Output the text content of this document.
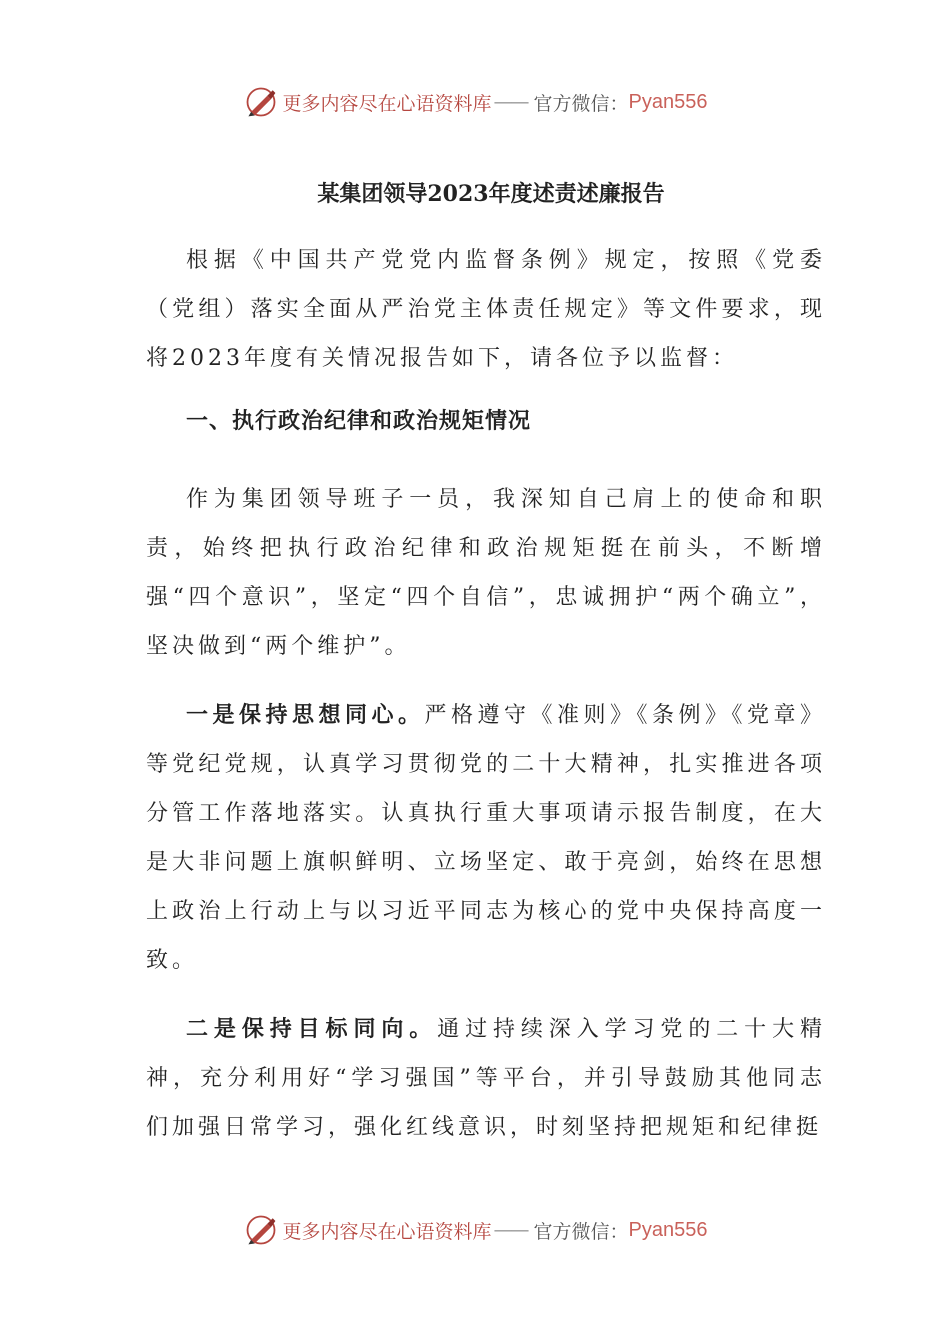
更多内容尽在心语资料库 —— 官方微信： Pyan556
某集团领导2023年度述责述廉报告

根据《中国共产党党内监督条例》规定，按照《党委（党组）落实全面从严治党主体责任规定》等文件要求，现将2023年度有关情况报告如下，请各位予以监督：

一、执行政治纪律和政治规矩情况

作为集团领导班子一员，我深知自己肩上的使命和职责，始终把执行政治纪律和政治规矩挺在前头，不断增强“四个意识”，坚定“四个自信”，忠诚拥护“两个确立”，坚决做到“两个维护”。

一是保持思想同心。严格遵守《准则》《条例》《党章》等党纪党规，认真学习贯彻党的二十大精神，扎实推进各项分管工作落地落实。认真执行重大事项请示报告制度，在大是大非问题上旗帜鲜明、立场坚定、敢于亮剑，始终在思想上政治上行动上与以习近平同志为核心的党中央保持高度一致。

二是保持目标同向。通过持续深入学习党的二十大精神，充分利用好“学习强国”等平台，并引导鼓励其他同志们加强日常学习，强化红线意识，时刻坚持把规矩和纪律挺

更多内容尽在心语资料库 —— 官方微信： Pyan556
